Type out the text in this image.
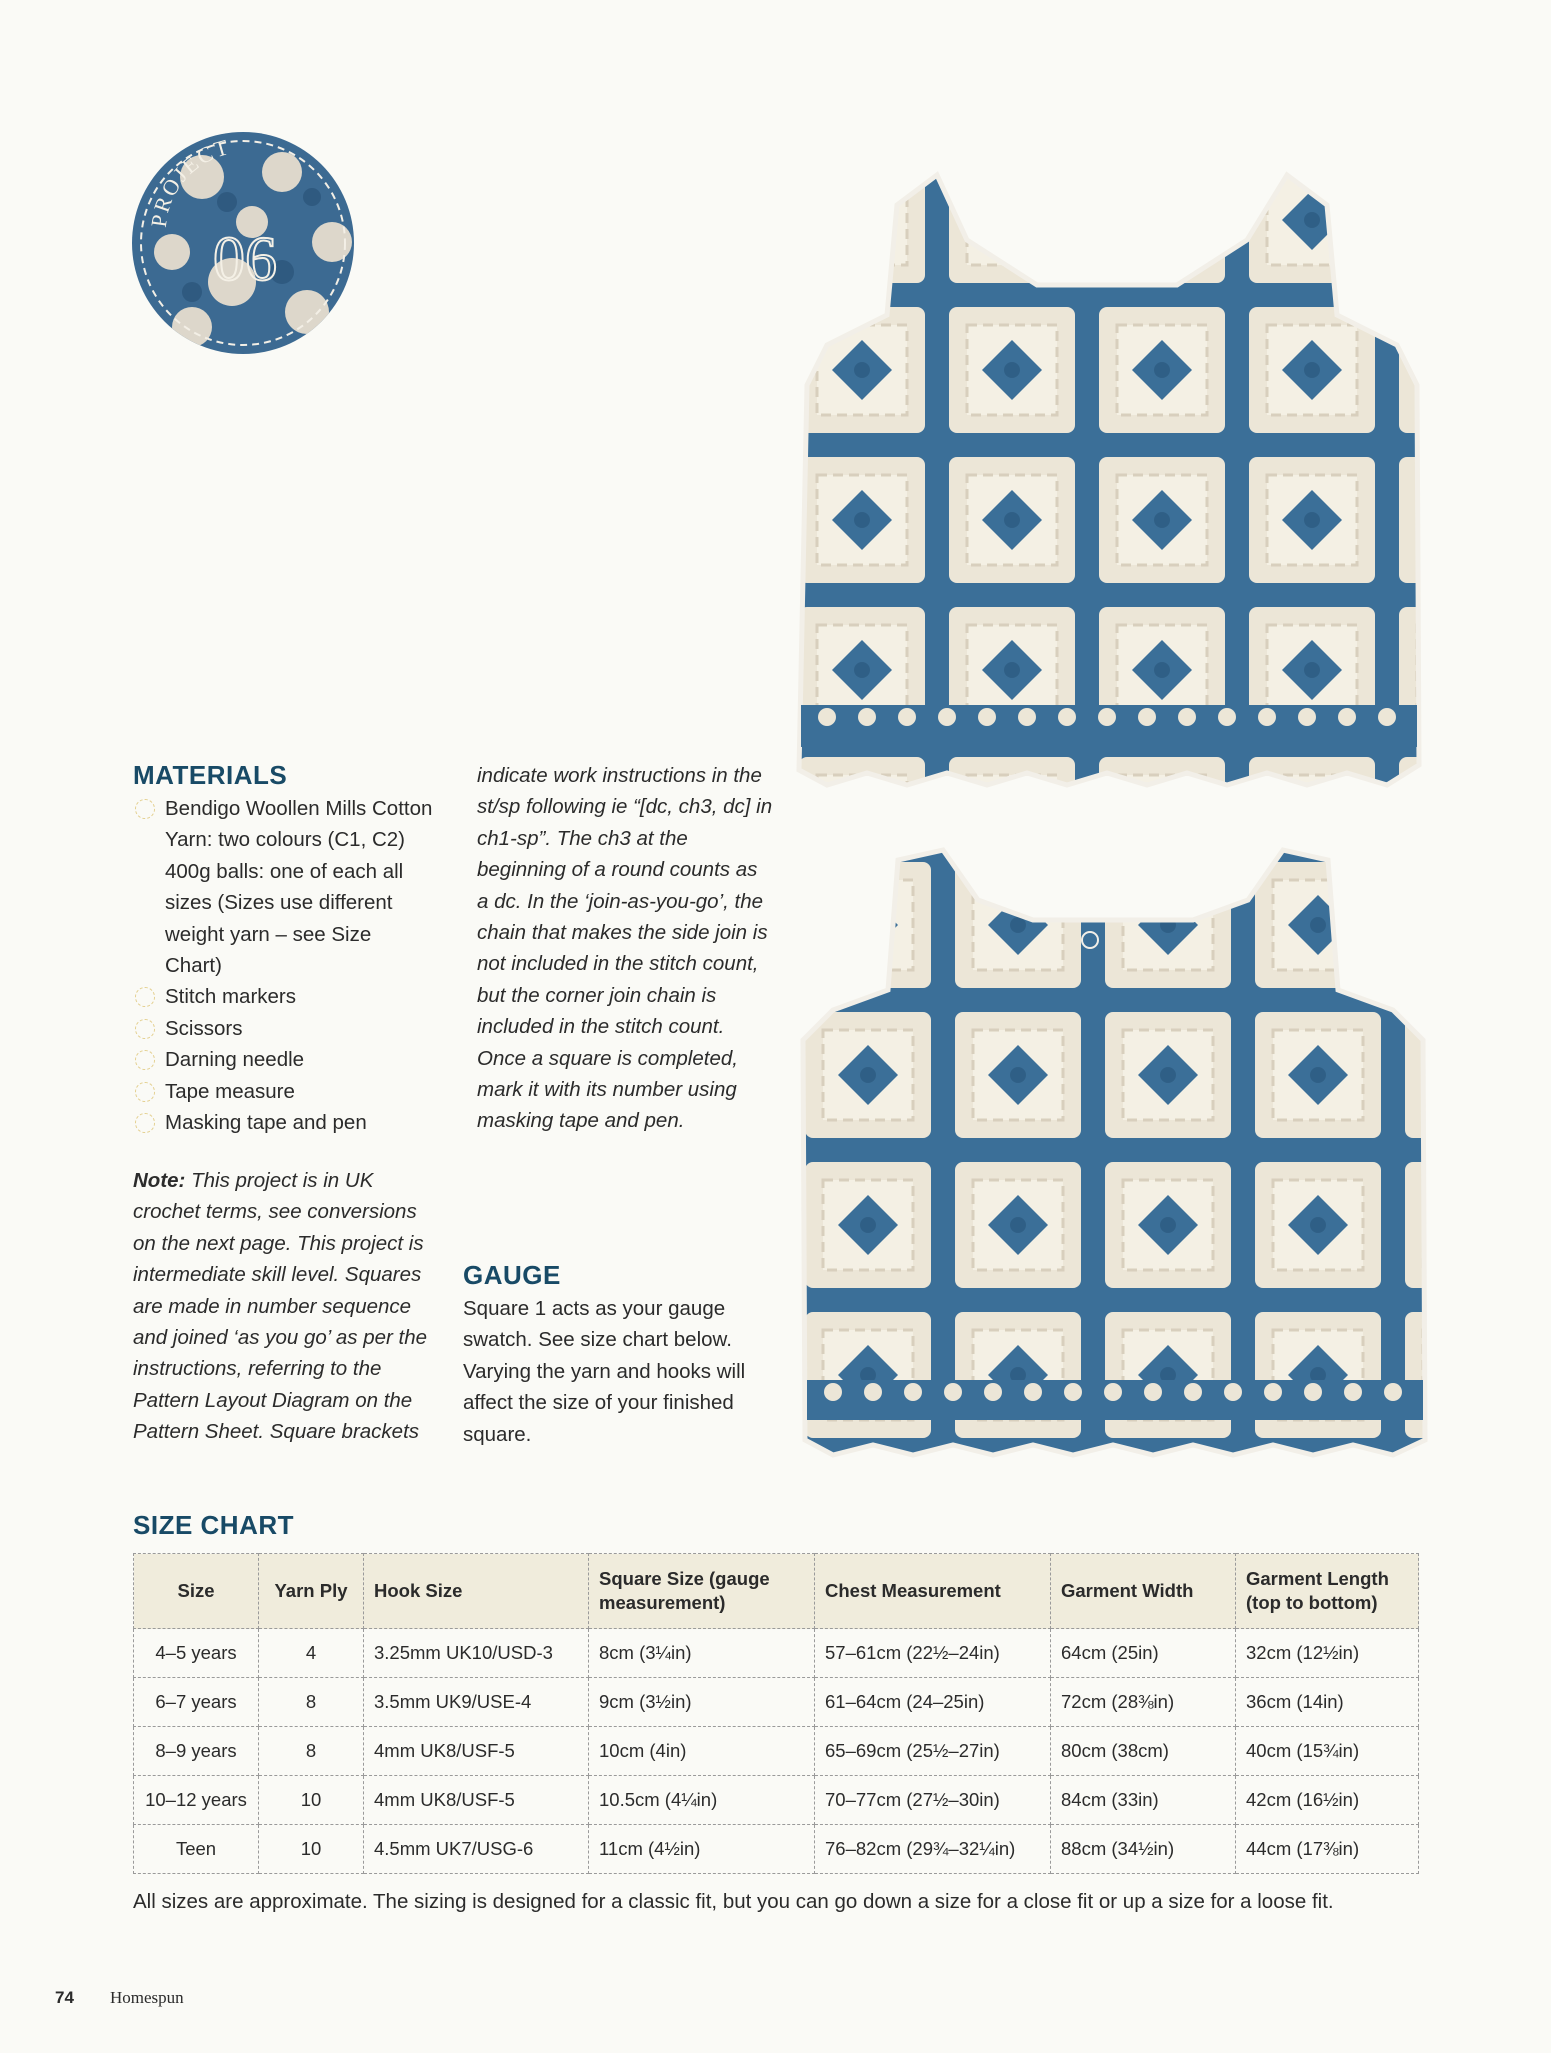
PROJECT
06
MATERIALS
Bendigo Woollen Mills Cotton Yarn: two colours (C1, C2) 400g balls: one of each all sizes (Sizes use different weight yarn – see Size Chart)
Stitch markers
Scissors
Darning needle
Tape measure
Masking tape and pen
Note: This project is in UK crochet terms, see conversions on the next page. This project is intermediate skill level. Squares are made in number sequence and joined ‘as you go’ as per the instructions, referring to the Pattern Layout Diagram on the Pattern Sheet. Square brackets indicate work instructions in the st/sp following ie “[dc, ch3, dc] in ch1-sp”. The ch3 at the beginning of a round counts as a dc. In the ‘join-as-you-go’, the chain that makes the side join is not included in the stitch count, but the corner join chain is included in the stitch count. Once a square is completed, mark it with its number using masking tape and pen.
GAUGE
Square 1 acts as your gauge swatch. See size chart below. Varying the yarn and hooks will affect the size of your finished square.
SIZE CHART
Size	Yarn Ply	Hook Size	Square Size (gauge measurement)	Chest Measurement	Garment Width	Garment Length (top to bottom)
4–5 years	4	3.25mm UK10/USD-3	8cm (3¼in)	57–61cm (22½–24in)	64cm (25in)	32cm (12½in)
6–7 years	8	3.5mm UK9/USE-4	9cm (3½in)	61–64cm (24–25in)	72cm (28⅜in)	36cm (14in)
8–9 years	8	4mm UK8/USF-5	10cm (4in)	65–69cm (25½–27in)	80cm (38cm)	40cm (15¾in)
10–12 years	10	4mm UK8/USF-5	10.5cm (4¼in)	70–77cm (27½–30in)	84cm (33in)	42cm (16½in)
Teen	10	4.5mm UK7/USG-6	11cm (4½in)	76–82cm (29¾–32¼in)	88cm (34½in)	44cm (17⅜in)
All sizes are approximate. The sizing is designed for a classic fit, but you can go down a size for a close fit or up a size for a loose fit.
74 Homespun
